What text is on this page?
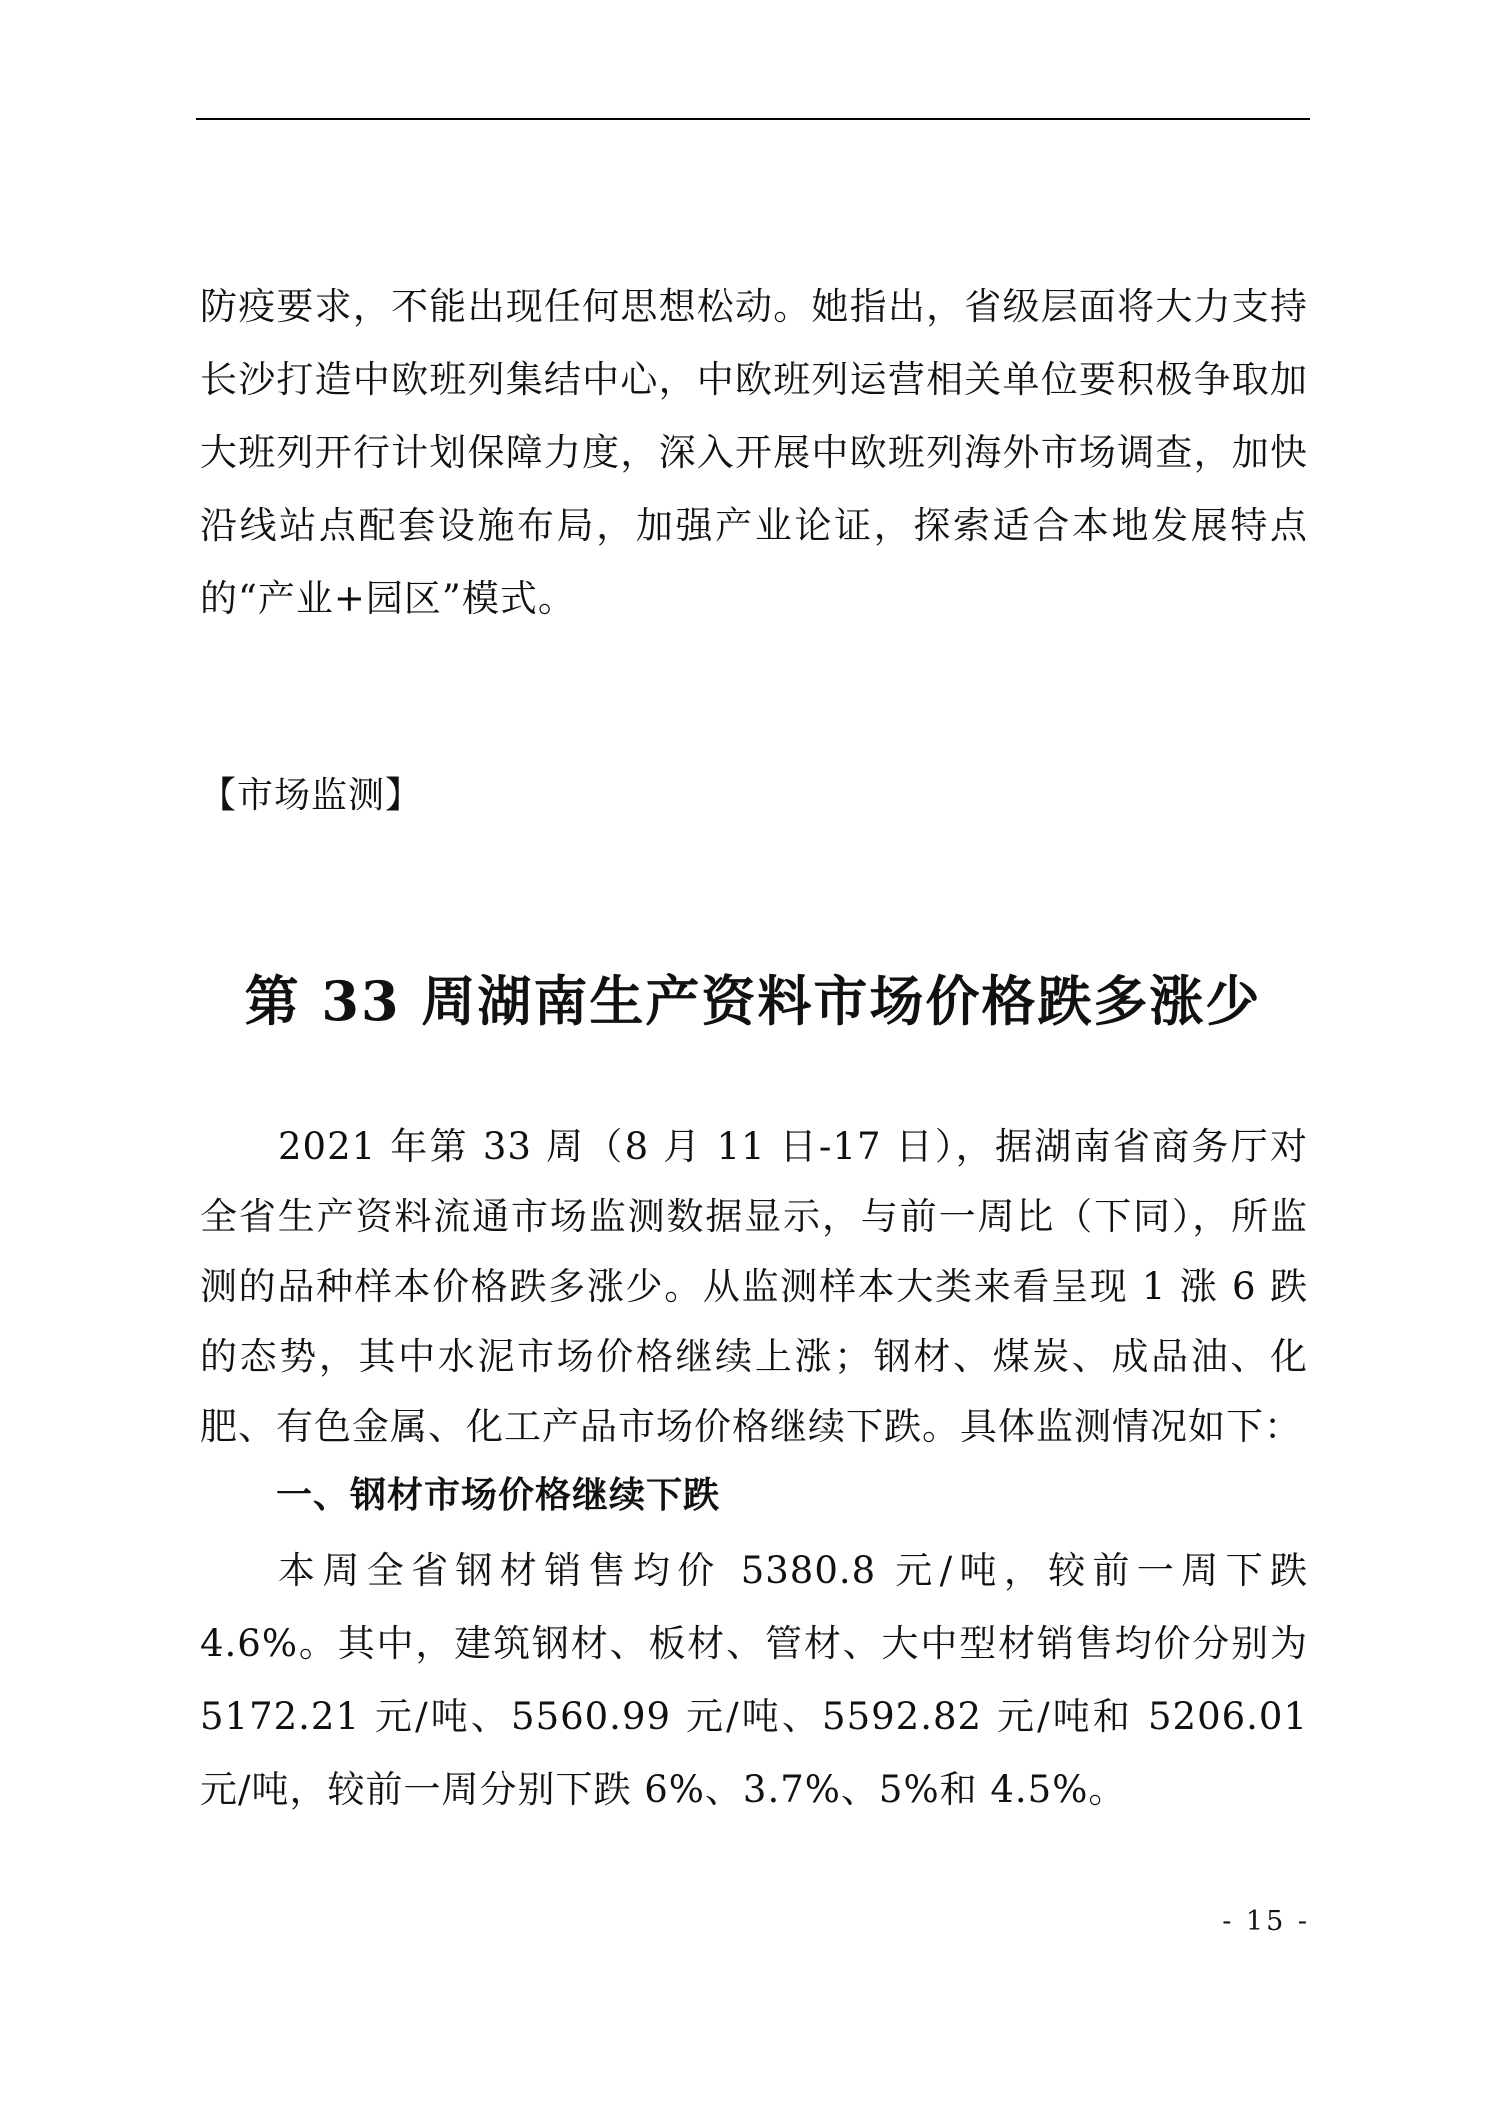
防疫要求，不能出现任何思想松动。她指出，省级层面将大力支持长沙打造中欧班列集结中心，中欧班列运营相关单位要积极争取加大班列开行计划保障力度，深入开展中欧班列海外市场调查，加快沿线站点配套设施布局，加强产业论证，探索适合本地发展特点的“产业+园区”模式。

【市场监测】
第 33 周湖南生产资料市场价格跌多涨少

2021 年第 33 周（8 月 11 日-17 日），据湖南省商务厅对全省生产资料流通市场监测数据显示，与前一周比（下同），所监测的品种样本价格跌多涨少。从监测样本大类来看呈现 1 涨 6 跌的态势，其中水泥市场价格继续上涨；钢材、煤炭、成品油、化肥、有色金属、化工产品市场价格继续下跌。具体监测情况如下：

一、钢材市场价格继续下跌

本周全省钢材销售均价 5380.8 元/吨，较前一周下跌 4.6%。其中，建筑钢材、板材、管材、大中型材销售均价分别为 5172.21 元/吨、5560.99 元/吨、5592.82 元/吨和 5206.01 元/吨，较前一周分别下跌 6%、3.7%、5%和 4.5%。

- 15 -
